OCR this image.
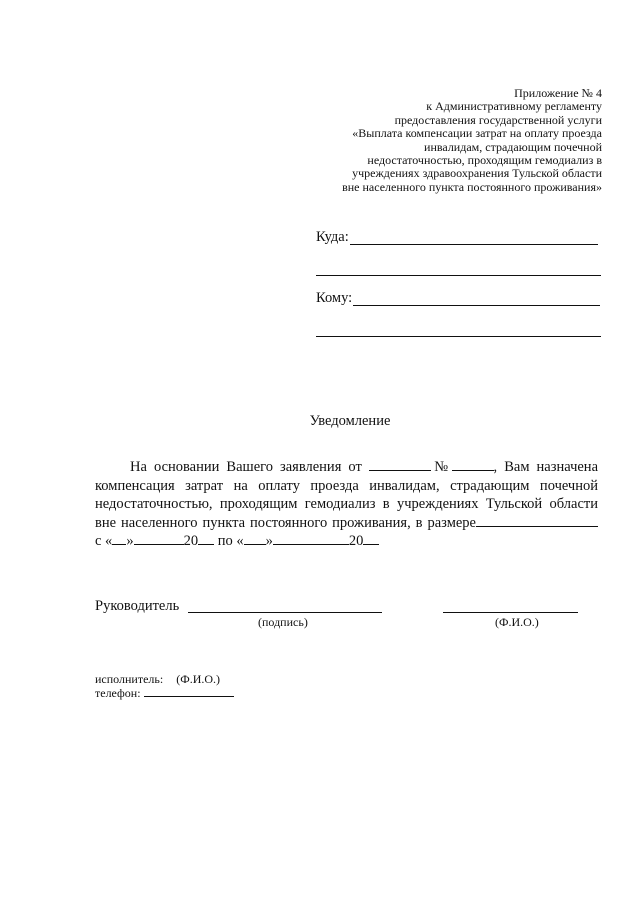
Приложение № 4
к Административному регламенту
предоставления государственной услуги
«Выплата компенсации затрат на оплату проезда
инвалидам, страдающим почечной
недостаточностью, проходящим гемодиализ в
учреждениях здравоохранения Тульской области
вне населенного пункта постоянного проживания»
Куда:
Кому:
Уведомление

На основании Вашего заявления от	№	, Вам назначена компенсация затрат на оплату проезда инвалидам, страдающим почечной недостаточностью, проходящим гемодиализ в учреждениях Тульской области вне населенного пункта постоянного проживания, в размере с « »	20 по « »	20

Руководитель
(подпись)	(Ф.И.О.)
исполнитель: (Ф.И.О.)
телефон:
